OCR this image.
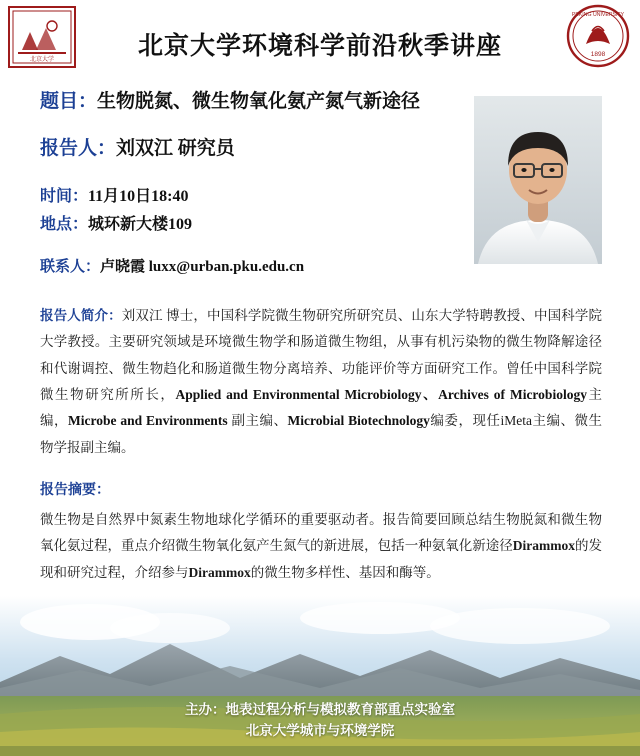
北京大学	北京大学环境科学前沿秋季讲座	1898
PEKING UNIVERSITY
题目：生物脱氮、微生物氧化氨产氮气新途径
报告人：刘双江 研究员
时间：11月10日18:40
地点：城环新大楼109
联系人：卢晓霞 luxx@urban.pku.edu.cn
报告人简介：刘双江 博士，中国科学院微生物研究所研究员、山东大学特聘教授、中国科学院大学教授。主要研究领域是环境微生物学和肠道微生物组，从事有机污染物的微生物降解途径和代谢调控、微生物趋化和肠道微生物分离培养、功能评价等方面研究工作。曾任中国科学院微生物研究所所长，Applied and Environmental Microbiology、Archives of Microbiology主编，Microbe and Environments 副主编、Microbial Biotechnology编委，现任iMeta主编、微生物学报副主编。
报告摘要：
微生物是自然界中氮素生物地球化学循环的重要驱动者。报告简要回顾总结生物脱氮和微生物氧化氨过程，重点介绍微生物氧化氨产生氮气的新进展，包括一种氨氧化新途径Dirammox的发现和研究过程，介绍参与Dirammox的微生物多样性、基因和酶等。
主办：地表过程分析与模拟教育部重点实验室
北京大学城市与环境学院
